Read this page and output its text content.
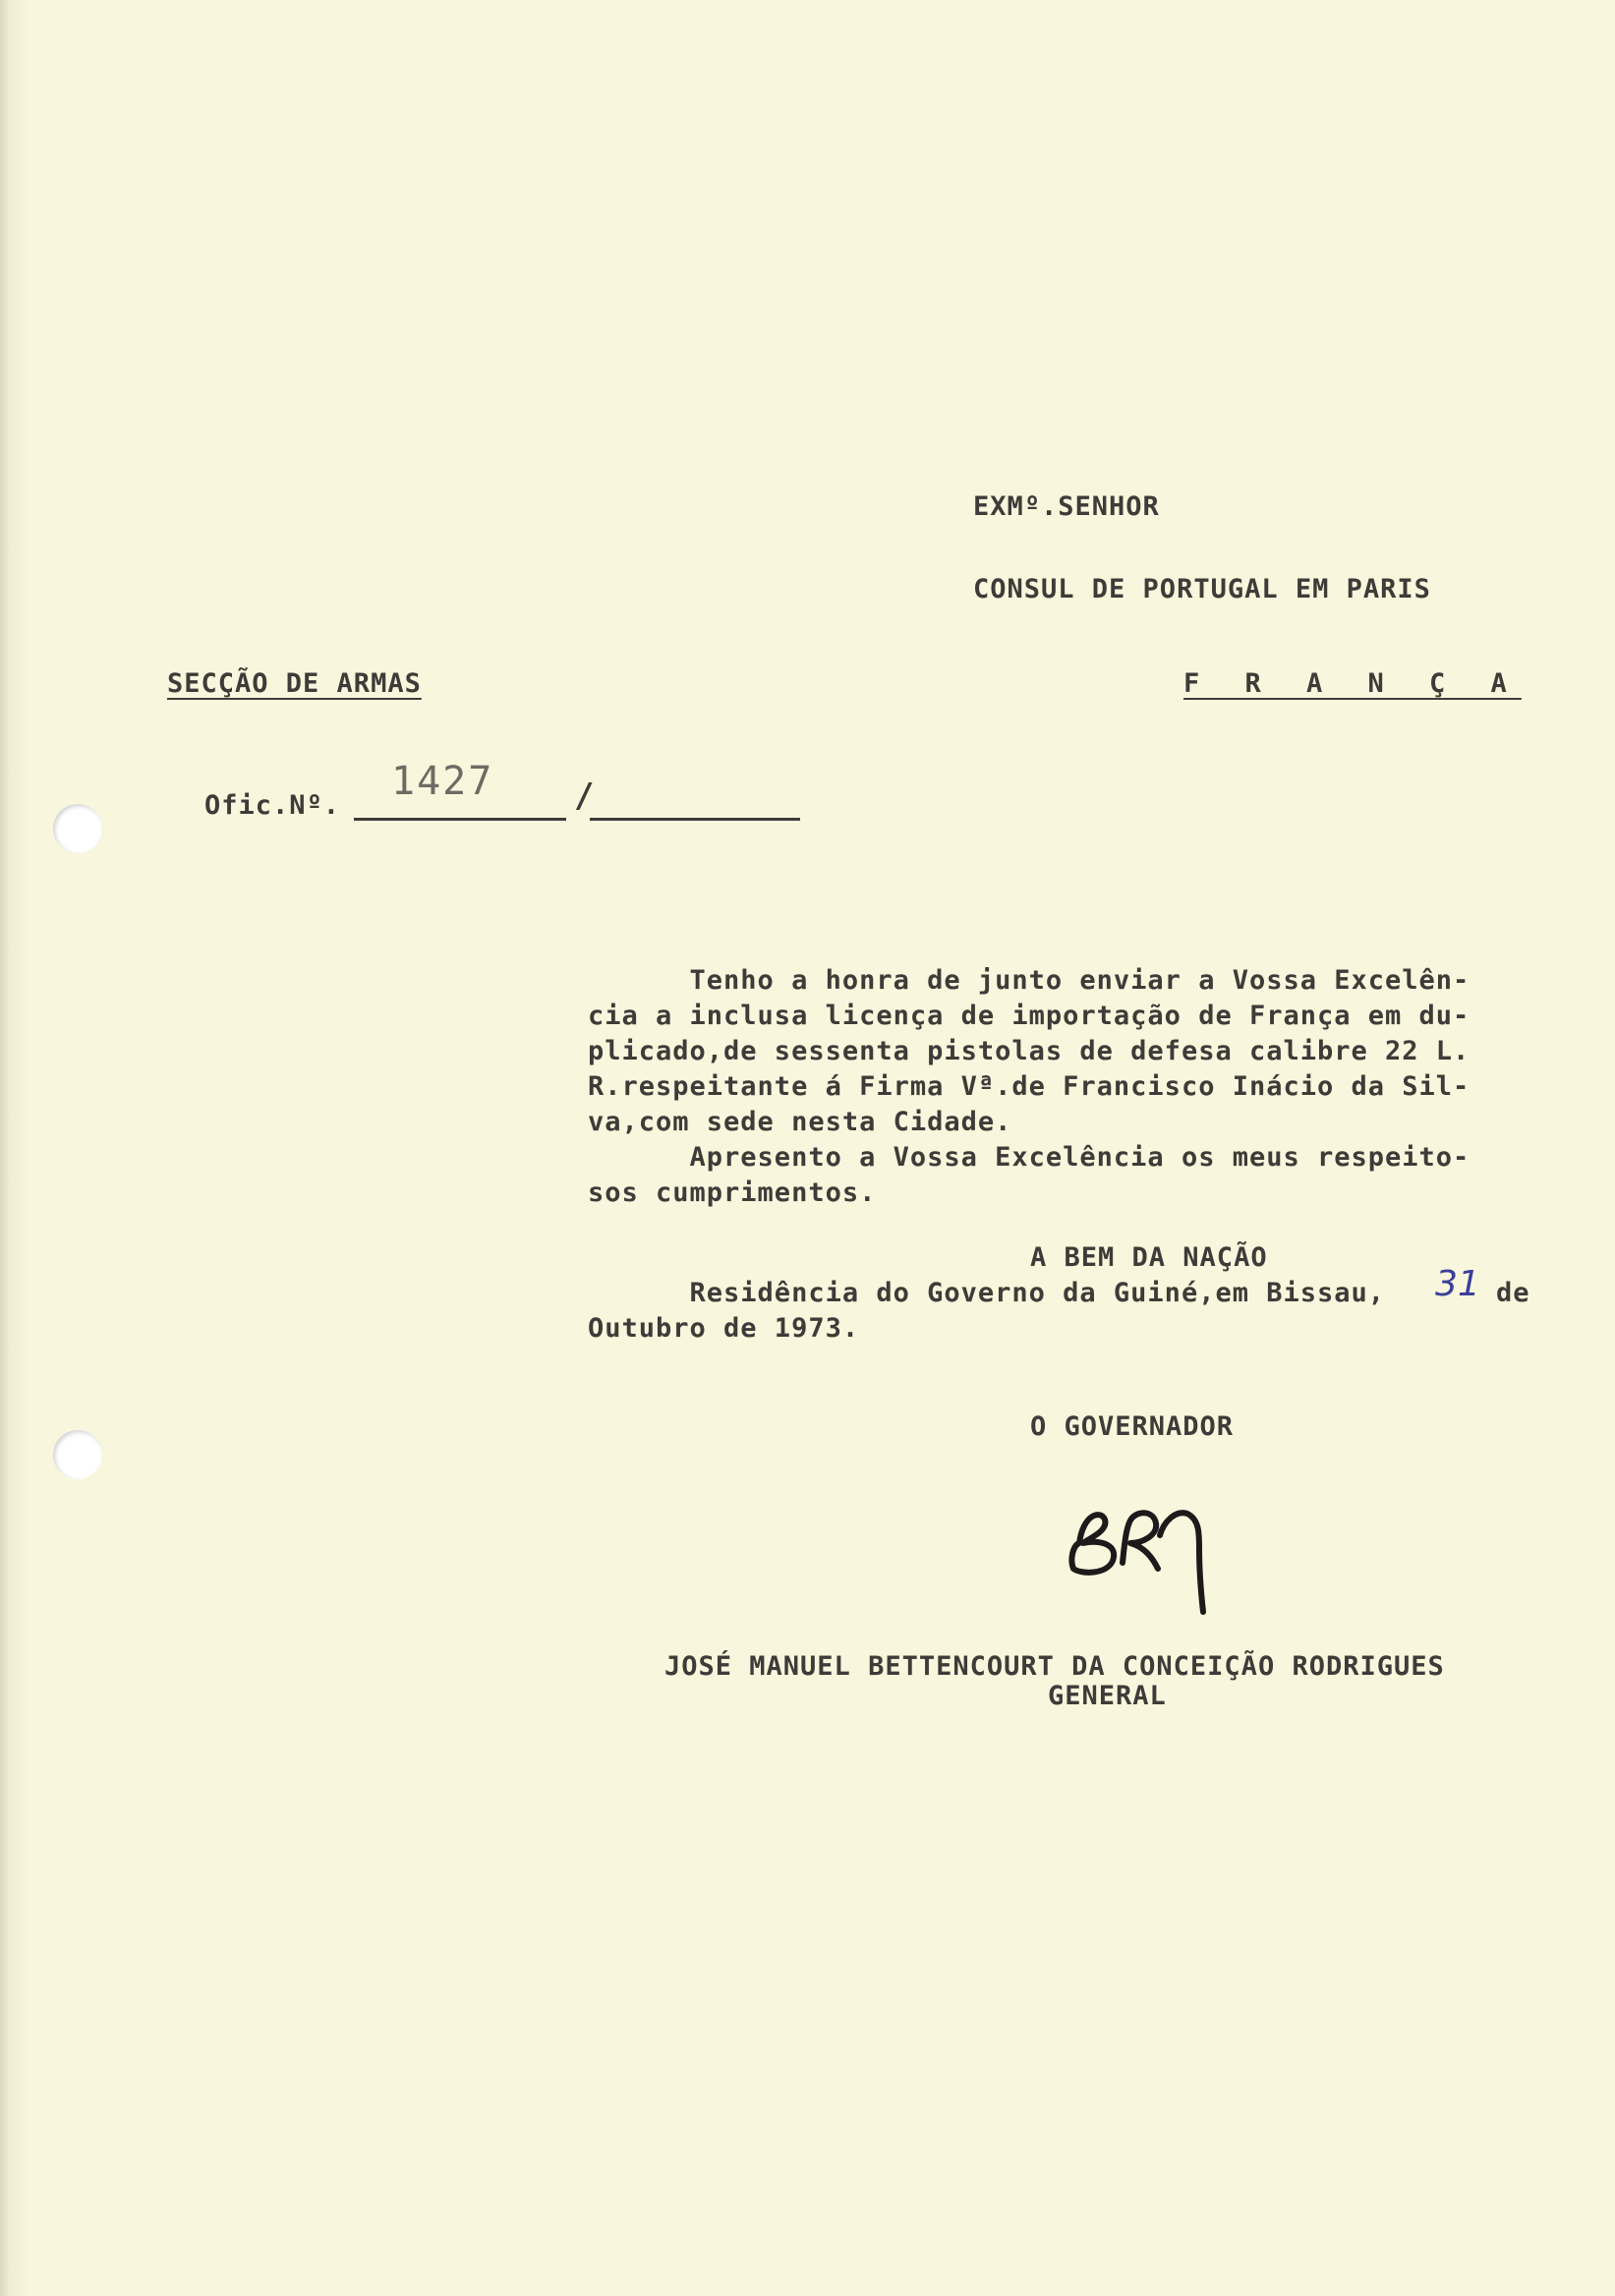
EXMº.SENHOR

CONSUL DE PORTUGAL EM PARIS

F R A N Ç A

SECÇÃO DE ARMAS

Ofic.Nº.

1427 /

Tenho a honra de junto enviar a Vossa Excelên-

cia a inclusa licença de importação de França em du-

plicado,de sessenta pistolas de defesa calibre 22 L.

R.respeitante á Firma Vª.de Francisco Inácio da Sil-

va,com sede nesta Cidade.

Apresento a Vossa Excelência os meus respeito-

sos cumprimentos.

A BEM DA NAÇÃO

Residência do Governo da Guiné,em Bissau, 31 de

Outubro de 1973.

O GOVERNADOR

JOSÉ MANUEL BETTENCOURT DA CONCEIÇÃO RODRIGUES

GENERAL
